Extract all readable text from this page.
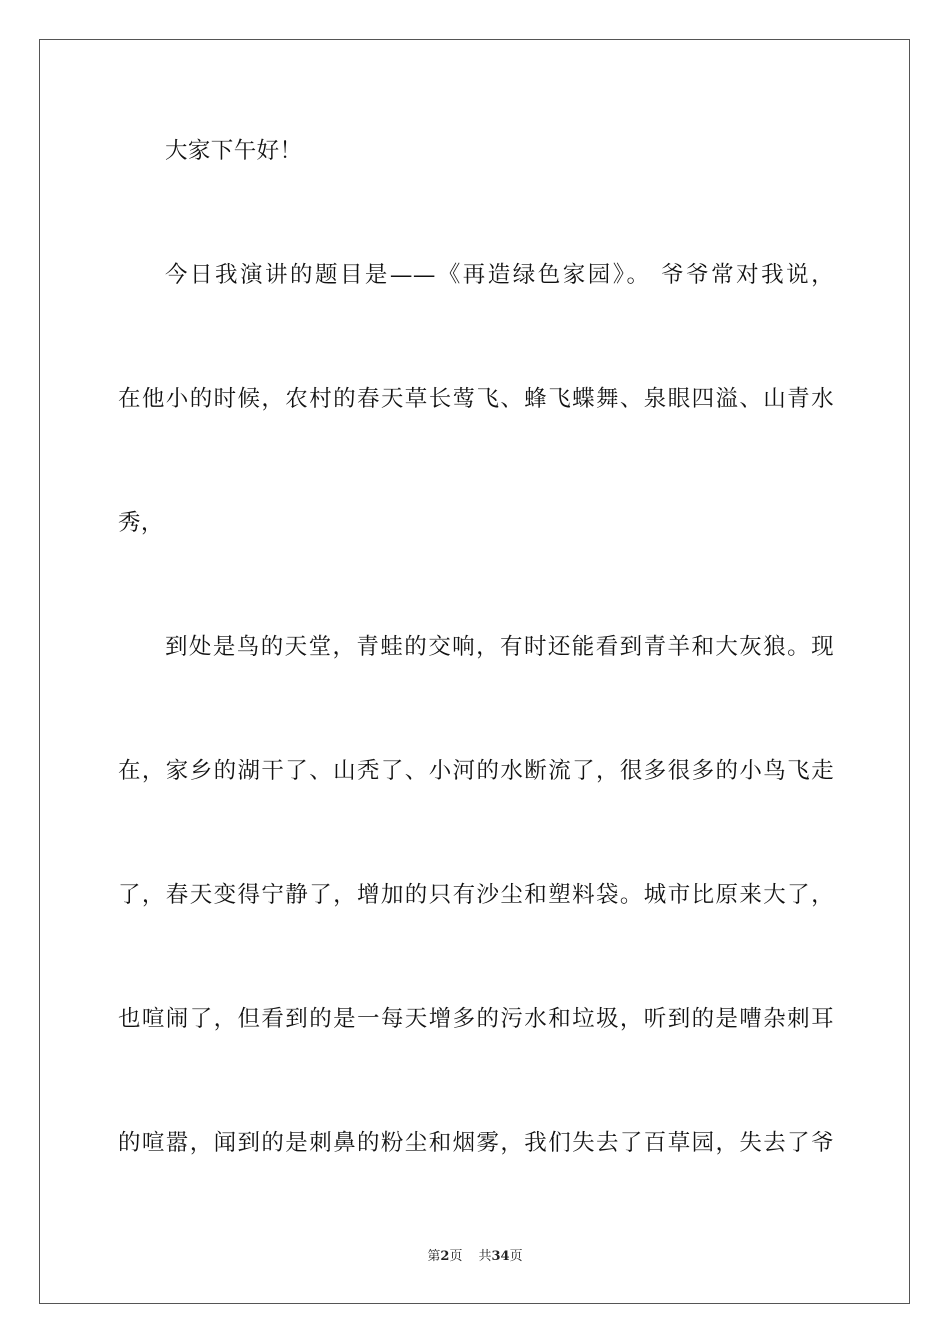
大家下午好！
今日我演讲的题目是——《再造绿色家园》。 爷爷常对我说，
在他小的时候，农村的春天草长莺飞、蜂飞蝶舞、泉眼四溢、山青水
秀，
到处是鸟的天堂，青蛙的交响，有时还能看到青羊和大灰狼。现
在，家乡的湖干了、山秃了、小河的水断流了，很多很多的小鸟飞走
了，春天变得宁静了，增加的只有沙尘和塑料袋。城市比原来大了，
也喧闹了，但看到的是一每天增多的污水和垃圾，听到的是嘈杂刺耳
的喧嚣，闻到的是刺鼻的粉尘和烟雾，我们失去了百草园，失去了爷
第2页 共34页
